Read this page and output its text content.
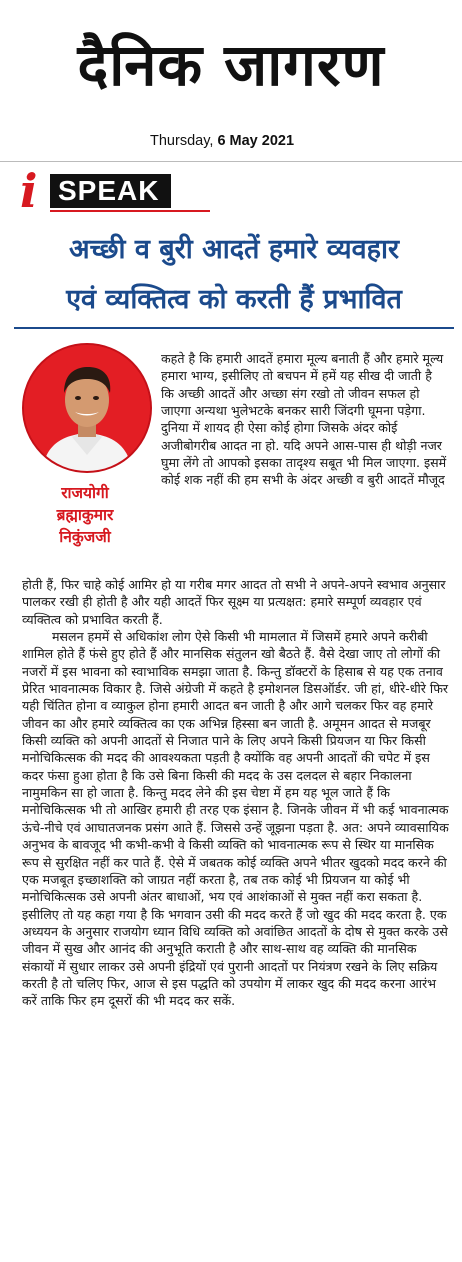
दैनिक जागरण
Thursday, 6 May 2021
i SPEAK
अच्छी व बुरी आदतें हमारे व्यवहार
एवं व्यक्तित्व को करती हैं प्रभावित
राजयोगी
ब्रह्माकुमार
निकुंजजी

कहते है कि हमारी आदतें हमारा मूल्य बनाती हैं और हमारे मूल्य हमारा भाग्य, इसीलिए तो बचपन में हमें यह सीख दी जाती है कि अच्छी आदतें और अच्छा संग रखो तो जीवन सफल हो जाएगा अन्यथा भुलेभटके बनकर सारी जिंदगी घूमना पड़ेगा. दुनिया में शायद ही ऐसा कोई होगा जिसके अंदर कोई अजीबोगरीब आदत ना हो. यदि अपने आस-पास ही थोड़ी नजर घुमा लेंगे तो आपको इसका तादृश्य सबूत भी मिल जाएगा. इसमें कोई शक नहीं की हम सभी के अंदर अच्छी व बुरी आदतें मौजूद

होती हैं, फिर चाहे कोई आमिर हो या गरीब मगर आदत तो सभी ने अपने-अपने स्वभाव अनुसार पालकर रखी ही होती है और यही आदतें फिर सूक्ष्म या प्रत्यक्षत: हमारे सम्पूर्ण व्यवहार एवं व्यक्तित्व को प्रभावित करती हैं.

मसलन हममें से अधिकांश लोग ऐसे किसी भी मामलात में जिसमें हमारे अपने करीबी शामिल होते हैं फंसे हुए होते हैं और मानसिक संतुलन खो बैठते हैं. वैसे देखा जाए तो लोगों की नजरों में इस भावना को स्वाभाविक समझा जाता है. किन्तु डॉक्टरों के हिसाब से यह एक तनाव प्रेरित भावनात्मक विकार है. जिसे अंग्रेजी में कहते है इमोशनल डिसऑर्डर. जी हां, धीरे-धीरे फिर यही चिंतित होना व व्याकुल होना हमारी आदत बन जाती है और आगे चलकर फिर वह हमारे जीवन का और हमारे व्यक्तित्व का एक अभिन्न हिस्सा बन जाती है. अमूमन आदत से मजबूर किसी व्यक्ति को अपनी आदतों से निजात पाने के लिए अपने किसी प्रियजन या फिर किसी मनोचिकित्सक की मदद की आवश्यकता पड़ती है क्योंकि वह अपनी आदतों की चपेट में इस कदर फंसा हुआ होता है कि उसे बिना किसी की मदद के उस दलदल से बहार निकालना नामुमकिन सा हो जाता है. किन्तु मदद लेने की इस चेष्टा में हम यह भूल जाते हैं कि मनोचिकित्सक भी तो आखिर हमारी ही तरह एक इंसान है. जिनके जीवन में भी कई भावनात्मक ऊंचे-नीचे एवं आघातजनक प्रसंग आते हैं. जिससे उन्हें जूझना पड़ता है. अत: अपने व्यावसायिक अनुभव के बावजूद भी कभी-कभी वे किसी व्यक्ति को भावनात्मक रूप से स्थिर या मानसिक रूप से सुरक्षित नहीं कर पाते हैं. ऐसे में जबतक कोई व्यक्ति अपने भीतर खुदको मदद करने की एक मजबूत इच्छाशक्ति को जाग्रत नहीं करता है, तब तक कोई भी प्रियजन या कोई भी मनोचिकित्सक उसे अपनी अंतर बाधाओं, भय एवं आशंकाओं से मुक्त नहीं करा सकता है. इसीलिए तो यह कहा गया है कि भगवान उसी की मदद करते हैं जो खुद की मदद करता है. एक अध्ययन के अनुसार राजयोग ध्यान विधि व्यक्ति को अवांछित आदतों के दोष से मुक्त करके उसे जीवन में सुख और आनंद की अनुभूति कराती है और साथ-साथ वह व्यक्ति की मानसिक संकायों में सुधार लाकर उसे अपनी इंद्रियों एवं पुरानी आदतों पर नियंत्रण रखने के लिए सक्रिय करती है तो चलिए फिर, आज से इस पद्धति को उपयोग में लाकर खुद की मदद करना आरंभ करें ताकि फिर हम दूसरों की भी मदद कर सकें.
